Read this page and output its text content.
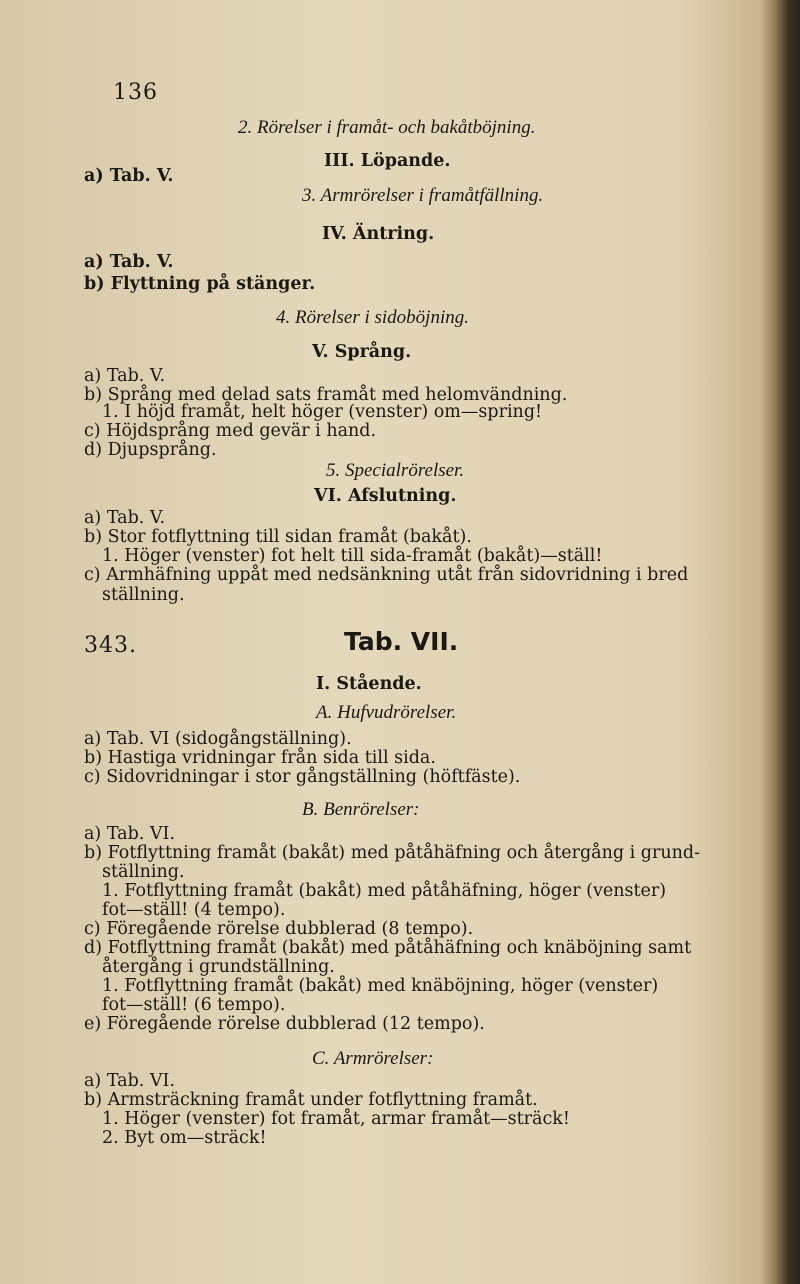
136
2. Rörelser i framåt- och bakåtböjning.
III. Löpande.
a) Tab. V.
3. Armrörelser i framåtfällning.
IV. Äntring.
a) Tab. V.
b) Flyttning på stänger.
4. Rörelser i sidoböjning.
V. Språng.
a) Tab. V.
b) Språng med delad sats framåt med helomvändning.
1. I höjd framåt, helt höger (venster) om—spring!
c) Höjdsprång med gevär i hand.
d) Djupsprång.
5. Specialrörelser.
VI. Afslutning.
a) Tab. V.
b) Stor fotflyttning till sidan framåt (bakåt).
1. Höger (venster) fot helt till sida-framåt (bakåt)—ställ!
c) Armhäfning uppåt med nedsänkning utåt från sidovridning i bred
ställning.
343.	Tab. VII.
I. Stående.
A. Hufvudrörelser.
a) Tab. VI (sidogångställning).
b) Hastiga vridningar från sida till sida.
c) Sidovridningar i stor gångställning (höftfäste).
B. Benrörelser:
a) Tab. VI.
b) Fotflyttning framåt (bakåt) med påtåhäfning och återgång i grund-
ställning.
1. Fotflyttning framåt (bakåt) med påtåhäfning, höger (venster)
fot—ställ! (4 tempo).
c) Föregående rörelse dubblerad (8 tempo).
d) Fotflyttning framåt (bakåt) med påtåhäfning och knäböjning samt
återgång i grundställning.
1. Fotflyttning framåt (bakåt) med knäböjning, höger (venster)
fot—ställ! (6 tempo).
e) Föregående rörelse dubblerad (12 tempo).
C. Armrörelser:
a) Tab. VI.
b) Armsträckning framåt under fotflyttning framåt.
1. Höger (venster) fot framåt, armar framåt—sträck!
2. Byt om—sträck!
